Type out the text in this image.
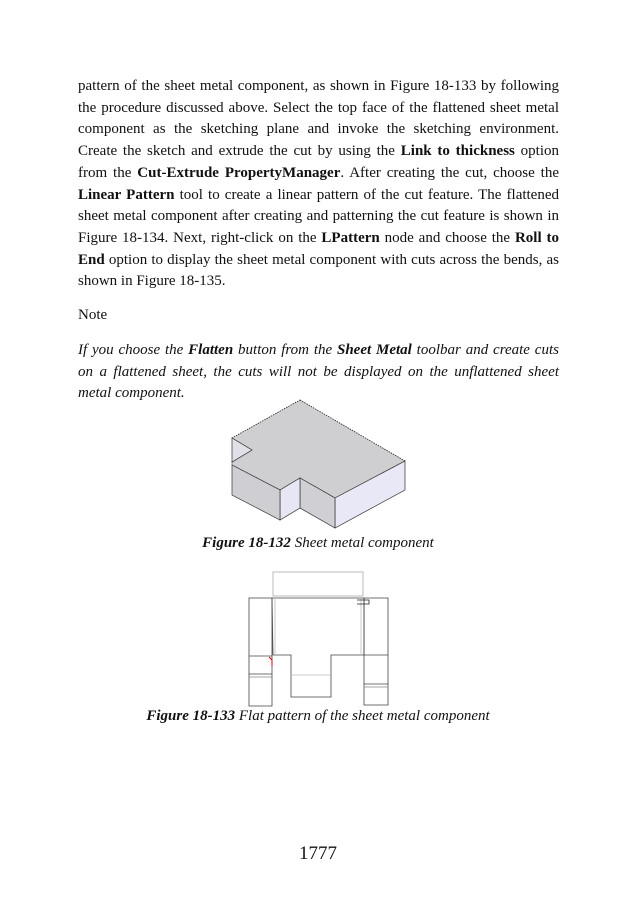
pattern of the sheet metal component, as shown in Figure 18-133 by following the procedure discussed above. Select the top face of the flattened sheet metal component as the sketching plane and invoke the sketching environment. Create the sketch and extrude the cut by using the Link to thickness option from the Cut-Extrude PropertyManager. After creating the cut, choose the Linear Pattern tool to create a linear pattern of the cut feature. The flattened sheet metal component after creating and patterning the cut feature is shown in Figure 18-134. Next, right-click on the LPattern node and choose the Roll to End option to display the sheet metal component with cuts across the bends, as shown in Figure 18-135.

Note

If you choose the Flatten button from the Sheet Metal toolbar and create cuts on a flattened sheet, the cuts will not be displayed on the unflattened sheet metal component.

Figure 18-132 Sheet metal component
Figure 18-133 Flat pattern of the sheet metal component
1777
